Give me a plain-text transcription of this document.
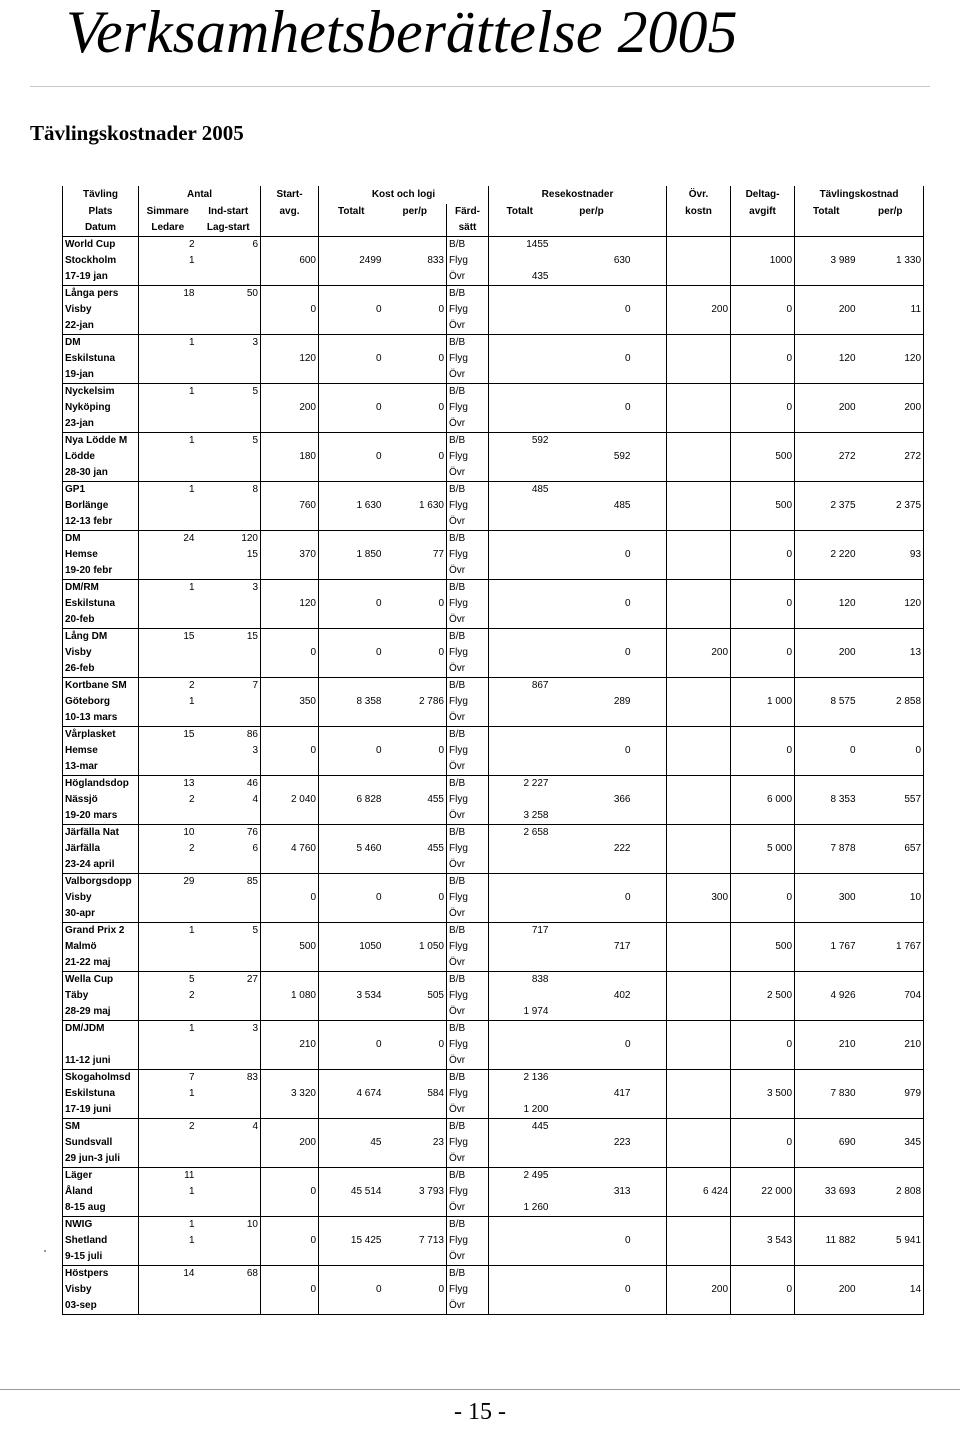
Verksamhetsberättelse 2005
Tävlingskostnader 2005
Tävling	Antal		Start-	Kost och logi			Resekostnader			Övr.	Deltag-	Tävlingskostnad	
Plats	Simmare	Ind-start	avg.	Totalt	per/p	Färd-	Totalt	per/p		kostn	avgift	Totalt	per/p
Datum	Ledare	Lag-start				sätt							
World Cup	2	6				B/B	1455						
Stockholm	1		600	2499	833	Flyg		630			1000	3 989	1 330
17-19 jan						Övr	435						
Långa pers	18	50				B/B							
Visby			0	0	0	Flyg		0		200	0	200	11
22-jan						Övr							
DM	1	3				B/B							
Eskilstuna			120	0	0	Flyg		0			0	120	120
19-jan						Övr							
Nyckelsim	1	5				B/B							
Nyköping			200	0	0	Flyg		0			0	200	200
23-jan						Övr							
Nya Lödde M	1	5				B/B	592						
Lödde			180	0	0	Flyg		592			500	272	272
28-30 jan						Övr							
GP1	1	8				B/B	485						
Borlänge			760	1 630	1 630	Flyg		485			500	2 375	2 375
12-13 febr						Övr							
DM	24	120				B/B							
Hemse		15	370	1 850	77	Flyg		0			0	2 220	93
19-20 febr						Övr							
DM/RM	1	3				B/B							
Eskilstuna			120	0	0	Flyg		0			0	120	120
20-feb						Övr							
Lång DM	15	15				B/B							
Visby			0	0	0	Flyg		0		200	0	200	13
26-feb						Övr							
Kortbane SM	2	7				B/B	867						
Göteborg	1		350	8 358	2 786	Flyg		289			1 000	8 575	2 858
10-13 mars						Övr							
Vårplasket	15	86				B/B							
Hemse		3	0	0	0	Flyg		0			0	0	0
13-mar						Övr							
Höglandsdop	13	46				B/B	2 227						
Nässjö	2	4	2 040	6 828	455	Flyg		366			6 000	8 353	557
19-20 mars						Övr	3 258						
Järfälla Nat	10	76				B/B	2 658						
Järfälla	2	6	4 760	5 460	455	Flyg		222			5 000	7 878	657
23-24 april						Övr							
Valborgsdopp	29	85				B/B							
Visby			0	0	0	Flyg		0		300	0	300	10
30-apr						Övr							
Grand Prix 2	1	5				B/B	717						
Malmö			500	1050	1 050	Flyg		717			500	1 767	1 767
21-22 maj						Övr							
Wella Cup	5	27				B/B	838						
Täby	2		1 080	3 534	505	Flyg		402			2 500	4 926	704
28-29 maj						Övr	1 974						
DM/JDM	1	3				B/B							
			210	0	0	Flyg		0			0	210	210
11-12 juni						Övr							
Skogaholmsd	7	83				B/B	2 136						
Eskilstuna	1		3 320	4 674	584	Flyg		417			3 500	7 830	979
17-19 juni						Övr	1 200						
SM	2	4				B/B	445						
Sundsvall			200	45	23	Flyg		223			0	690	345
29 jun-3 juli						Övr							
Läger	11					B/B	2 495						
Åland	1		0	45 514	3 793	Flyg		313		6 424	22 000	33 693	2 808
8-15 aug						Övr	1 260						
NWIG	1	10				B/B							
Shetland	1		0	15 425	7 713	Flyg		0			3 543	11 882	5 941
9-15 juli						Övr							
Höstpers	14	68				B/B							
Visby			0	0	0	Flyg		0		200	0	200	14
03-sep						Övr							
- 15 -
